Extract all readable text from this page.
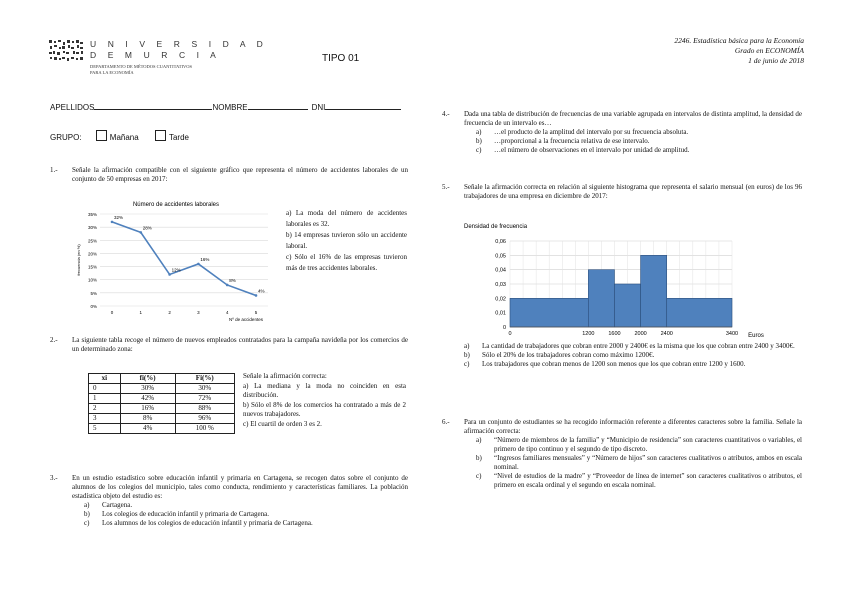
U N I V E R S I D A D
D E M U R C I A
DEPARTAMENTO DE MÉTODOS CUANTITATIVOS
PARA LA ECONOMÍA
TIPO 01
2246. Estadística básica para la Economía
Grado en ECONOMÍA
1 de junio de 2018
APELLIDOS	NOMBRE	DNI
GRUPO:	Mañana	Tarde
1.-	Señale la afirmación compatible con el siguiente gráfico que representa el número de accidentes laborales de un conjunto de 50 empresas en 2017:
Número de accidentes laborales
0%
5%
10%
15%
20%
25%
30%
35%
frecuencia (en %)
32%
0
28%
1
12%
2
16%
3
8%
4
4%
5
Nº de accidentes
a) La moda del número de accidentes laborales es 32.
b) 14 empresas tuvieron sólo un accidente laboral.
c) Sólo el 16% de las empresas tuvieron más de tres accidentes laborales.
2.-	La siguiente tabla recoge el número de nuevos empleados contratados para la campaña navideña por los comercios de un determinado zona:
xi	fi(%)	Fi(%)
0	30%	30%
1	42%	72%
2	16%	88%
3	8%	96%
5	4%	100 %
Señale la afirmación correcta:
a) La mediana y la moda no coinciden en esta distribución.
b) Sólo el 8% de los comercios ha contratado a más de 2 nuevos trabajadores.
c) El cuartil de orden 3 es 2.
3.-	En un estudio estadístico sobre educación infantil y primaria en Cartagena, se recogen datos sobre el conjunto de alumnos de los colegios del municipio, tales como conducta, rendimiento y características familiares. La población estadística objeto del estudio es:
a)	Cartagena.
b)	Los colegios de educación infantil y primaria de Cartagena.
c)	Los alumnos de los colegios de educación infantil y primaria de Cartagena.
4.-	Dada una tabla de distribución de frecuencias de una variable agrupada en intervalos de distinta amplitud, la densidad de frecuencia de un intervalo es…
a)	…el producto de la amplitud del intervalo por su frecuencia absoluta.
b)	…proporcional a la frecuencia relativa de ese intervalo.
c)	…el número de observaciones en el intervalo por unidad de amplitud.
5.-	Señale la afirmación correcta en relación al siguiente histograma que representa el salario mensual (en euros) de los 96 trabajadores de una empresa en diciembre de 2017:
Densidad de frecuencia
0
0,01
0,02
0,03
0,04
0,05
0,06
0	1200	1600	2000	2400	3400 Euros
a)	La cantidad de trabajadores que cobran entre 2000 y 2400€ es la misma que los que cobran entre 2400 y 3400€.
b)	Sólo el 20% de los trabajadores cobran como máximo 1200€.
c)	Los trabajadores que cobran menos de 1200 son menos que los que cobran entre 1200 y 1600.
6.-	Para un conjunto de estudiantes se ha recogido información referente a diferentes caracteres sobre la familia. Señale la afirmación correcta:
a)	“Número de miembros de la familia” y “Municipio de residencia” son caracteres cuantitativos o variables, el primero de tipo continuo y el segundo de tipo discreto.
b)	“Ingresos familiares mensuales” y “Número de hijos” son caracteres cualitativos o atributos, ambos en escala nominal.
c)	“Nivel de estudios de la madre” y “Proveedor de línea de internet” son caracteres cualitativos o atributos, el primero en escala ordinal y el segundo en escala nominal.
